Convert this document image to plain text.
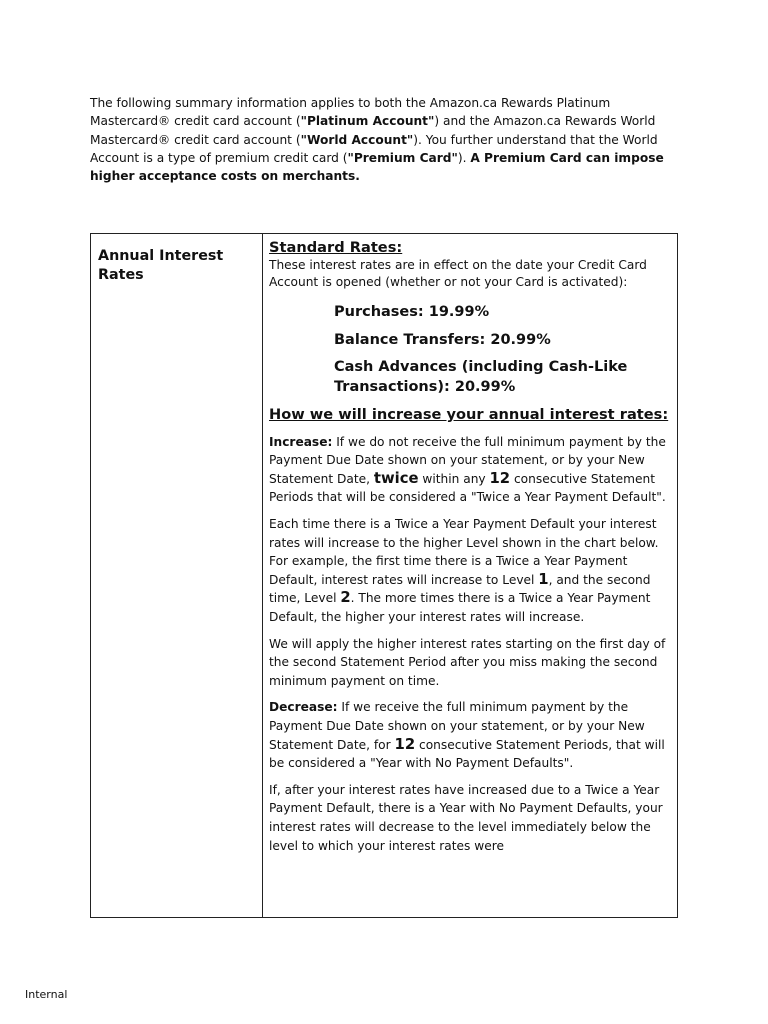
The following summary information applies to both the Amazon.ca Rewards Platinum Mastercard® credit card account ("Platinum Account") and the Amazon.ca Rewards World Mastercard® credit card account ("World Account"). You further understand that the World Account is a type of premium credit card ("Premium Card"). A Premium Card can impose higher acceptance costs on merchants.

Annual Interest Rates

Standard Rates:

These interest rates are in effect on the date your Credit Card Account is opened (whether or not your Card is activated):

Purchases: 19.99%
Balance Transfers: 20.99%
Cash Advances (including Cash-Like Transactions): 20.99%

How we will increase your annual interest rates:

Increase: If we do not receive the full minimum payment by the Payment Due Date shown on your statement, or by your New Statement Date, twice within any 12 consecutive Statement Periods that will be considered a "Twice a Year Payment Default".

Each time there is a Twice a Year Payment Default your interest rates will increase to the higher Level shown in the chart below. For example, the first time there is a Twice a Year Payment Default, interest rates will increase to Level 1, and the second time, Level 2. The more times there is a Twice a Year Payment Default, the higher your interest rates will increase.

We will apply the higher interest rates starting on the first day of the second Statement Period after you miss making the second minimum payment on time.

Decrease: If we receive the full minimum payment by the Payment Due Date shown on your statement, or by your New Statement Date, for 12 consecutive Statement Periods, that will be considered a "Year with No Payment Defaults".

If, after your interest rates have increased due to a Twice a Year Payment Default, there is a Year with No Payment Defaults, your interest rates will decrease to the level immediately below the level to which your interest rates were

Internal
